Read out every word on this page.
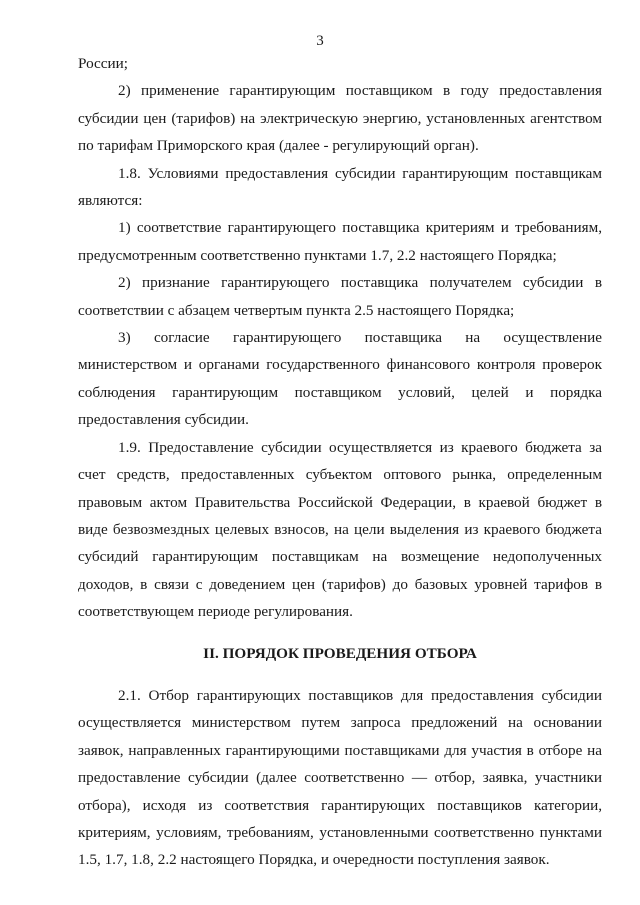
3

России;

2) применение гарантирующим поставщиком в году предоставления субсидии цен (тарифов) на электрическую энергию, установленных агентством по тарифам Приморского края (далее - регулирующий орган).

1.8. Условиями предоставления субсидии гарантирующим поставщикам являются:

1) соответствие гарантирующего поставщика критериям и требованиям, предусмотренным соответственно пунктами 1.7, 2.2 настоящего Порядка;

2) признание гарантирующего поставщика получателем субсидии в соответствии с абзацем четвертым пункта 2.5 настоящего Порядка;

3) согласие гарантирующего поставщика на осуществление министерством и органами государственного финансового контроля проверок соблюдения гарантирующим поставщиком условий, целей и порядка предоставления субсидии.

1.9. Предоставление субсидии осуществляется из краевого бюджета за счет средств, предоставленных субъектом оптового рынка, определенным правовым актом Правительства Российской Федерации, в краевой бюджет в виде безвозмездных целевых взносов, на цели выделения из краевого бюджета субсидий гарантирующим поставщикам на возмещение недополученных доходов, в связи с доведением цен (тарифов) до базовых уровней тарифов в соответствующем периоде регулирования.

II. ПОРЯДОК ПРОВЕДЕНИЯ ОТБОРА

2.1. Отбор гарантирующих поставщиков для предоставления субсидии осуществляется министерством путем запроса предложений на основании заявок, направленных гарантирующими поставщиками для участия в отборе на предоставление субсидии (далее соответственно — отбор, заявка, участники отбора), исходя из соответствия гарантирующих поставщиков категории, критериям, условиям, требованиям, установленными соответственно пунктами 1.5, 1.7, 1.8, 2.2 настоящего Порядка, и очередности поступления заявок.
